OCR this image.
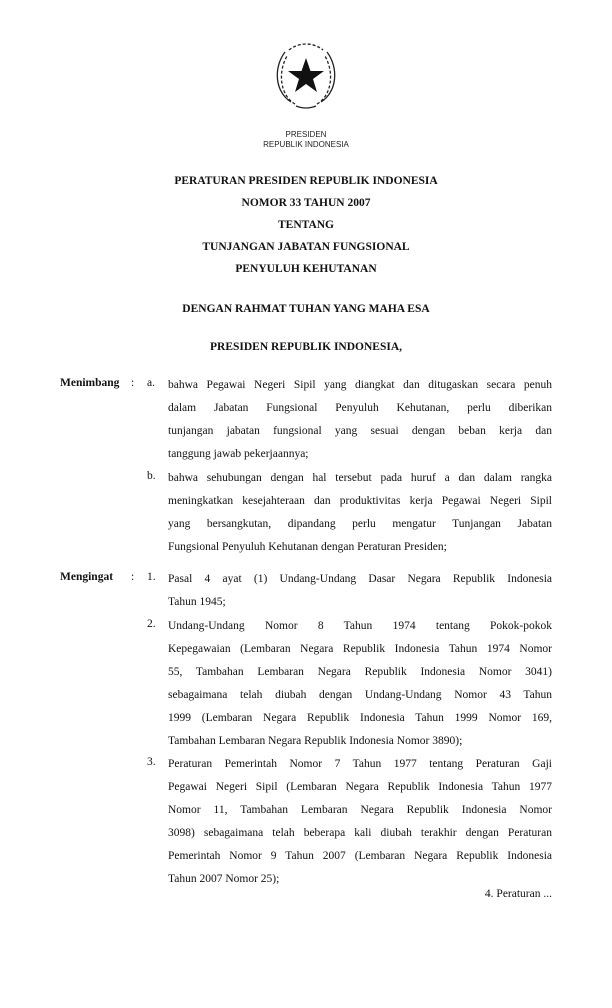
PRESIDEN
REPUBLIK INDONESIA
PERATURAN PRESIDEN REPUBLIK INDONESIA
NOMOR 33 TAHUN 2007
TENTANG
TUNJANGAN JABATAN FUNGSIONAL
PENYULUH KEHUTANAN
DENGAN RAHMAT TUHAN YANG MAHA ESA
PRESIDEN REPUBLIK INDONESIA,
Menimbang : a. bahwa Pegawai Negeri Sipil yang diangkat dan ditugaskan secara penuh
dalam Jabatan Fungsional Penyuluh Kehutanan, perlu diberikan
tunjangan jabatan fungsional yang sesuai dengan beban kerja dan
tanggung jawab pekerjaannya;
b. bahwa sehubungan dengan hal tersebut pada huruf a dan dalam rangka
meningkatkan kesejahteraan dan produktivitas kerja Pegawai Negeri Sipil
yang bersangkutan, dipandang perlu mengatur Tunjangan Jabatan
Fungsional Penyuluh Kehutanan dengan Peraturan Presiden;
Mengingat : 1. Pasal 4 ayat (1) Undang-Undang Dasar Negara Republik Indonesia
Tahun 1945;
2. Undang-Undang Nomor 8 Tahun 1974 tentang Pokok-pokok
Kepegawaian (Lembaran Negara Republik Indonesia Tahun 1974 Nomor
55, Tambahan Lembaran Negara Republik Indonesia Nomor 3041)
sebagaimana telah diubah dengan Undang-Undang Nomor 43 Tahun
1999 (Lembaran Negara Republik Indonesia Tahun 1999 Nomor 169,
Tambahan Lembaran Negara Republik Indonesia Nomor 3890);
3. Peraturan Pemerintah Nomor 7 Tahun 1977 tentang Peraturan Gaji
Pegawai Negeri Sipil (Lembaran Negara Republik Indonesia Tahun 1977
Nomor 11, Tambahan Lembaran Negara Republik Indonesia Nomor
3098) sebagaimana telah beberapa kali diubah terakhir dengan Peraturan
Pemerintah Nomor 9 Tahun 2007 (Lembaran Negara Republik Indonesia
Tahun 2007 Nomor 25);
4. Peraturan ...
